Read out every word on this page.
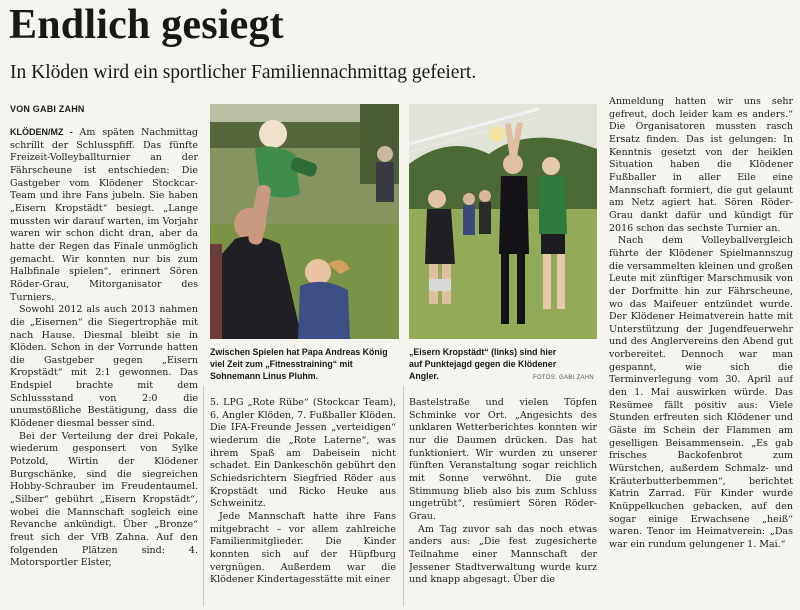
Endlich gesiegt
In Klöden wird ein sportlicher Familiennachmittag gefeiert.
VON GABI ZAHN

KLÖDEN/MZ - Am späten Nachmittag schrillt der Schlusspfiff. Das fünfte Freizeit-Volleyballturnier an der Fährscheune ist entschieden: Die Gastgeber vom Klödener Stockcar-Team und ihre Fans jubeln. Sie haben „Eisern Kropstädt“ besiegt. „Lange mussten wir darauf warten, im Vorjahr waren wir schon dicht dran, aber da hatte der Regen das Finale unmöglich gemacht. Wir konnten nur bis zum Halbfinale spielen“, erinnert Sören Röder-Grau, Mitorganisator des Turniers.

Sowohl 2012 als auch 2013 nahmen die „Eisernen“ die Siegertrophäe mit nach Hause. Diesmal bleibt sie in Klöden. Schon in der Vorrunde hatten die Gastgeber gegen „Eisern Kropstädt“ mit 2:1 gewonnen. Das Endspiel brachte mit dem Schlussstand von 2:0 die unumstößliche Bestätigung, dass die Klödener diesmal besser sind.

Bei der Verteilung der drei Pokale, wiederum gesponsert von Sylke Potzold, Wirtin der Klödener Burgschänke, sind die siegreichen Hobby-Schrauber im Freudentaumel. „Silber“ gebührt „Eisern Kropstädt“, wobei die Mannschaft sogleich eine Revanche ankündigt. Über „Bronze“ freut sich der VfB Zahna. Auf den folgenden Plätzen sind: 4. Motorsportler Elster,

Zwischen Spielen hat Papa Andreas König viel Zeit zum „Fitnesstraining“ mit Sohnemann Linus Pluhm.
„Eisern Kropstädt“ (links) sind hier auf Punktejagd gegen die Klödener Angler.	FOTOS: GABI ZAHN

5. LPG „Rote Rübe“ (Stockcar Team), 6. Angler Klöden, 7. Fußballer Klöden. Die IFA-Freunde Jessen „verteidigen“ wiederum die „Rote Laterne“, was ihrem Spaß am Dabeisein nicht schadet. Ein Dankeschön gebührt den Schiedsrichtern Siegfried Röder aus Kropstädt und Ricko Heuke aus Schweinitz.

Jede Mannschaft hatte ihre Fans mitgebracht – vor allem zahlreiche Familienmitglieder. Die Kinder konnten sich auf der Hüpfburg vergnügen. Außerdem war die Klödener Kindertagesstätte mit einer

Bastelstraße und vielen Töpfen Schminke vor Ort. „Angesichts des unklaren Wetterberichtes konnten wir nur die Daumen drücken. Das hat funktioniert. Wir wurden zu unserer fünften Veranstaltung sogar reichlich mit Sonne verwöhnt. Die gute Stimmung blieb also bis zum Schluss ungetrübt“, resümiert Sören Röder-Grau.

Am Tag zuvor sah das noch etwas anders aus: „Die fest zugesicherte Teilnahme einer Mannschaft der Jessener Stadtverwaltung wurde kurz und knapp abgesagt. Über die

Anmeldung hatten wir uns sehr gefreut, doch leider kam es anders.“ Die Organisatoren mussten rasch Ersatz finden. Das ist gelungen: In Kenntnis gesetzt von der heiklen Situation haben die Klödener Fußballer in aller Eile eine Mannschaft formiert, die gut gelaunt am Netz agiert hat. Sören Röder-Grau dankt dafür und kündigt für 2016 schon das sechste Turnier an.

Nach dem Volleyballvergleich führte der Klödener Spielmannszug die versammelten kleinen und großen Leute mit zünftiger Marschmusik von der Dorfmitte hin zur Fährscheune, wo das Maifeuer entzündet wurde. Der Klödener Heimatverein hatte mit Unterstützung der Jugendfeuerwehr und des Anglervereins den Abend gut vorbereitet. Dennoch war man gespannt, wie sich die Terminverlegung vom 30. April auf den 1. Mai auswirken würde. Das Resümee fällt positiv aus: Viele Stunden erfreuten sich Klödener und Gäste im Schein der Flammen am geselligen Beisammensein. „Es gab frisches Backofenbrot zum Würstchen, außerdem Schmalz- und Kräuterbutterbemmen“, berichtet Katrin Zarrad. Für Kinder wurde Knüppelkuchen gebacken, auf den sogar einige Erwachsene „heiß“ waren. Tenor im Heimatverein: „Das war ein rundum gelungener 1. Mai.“
